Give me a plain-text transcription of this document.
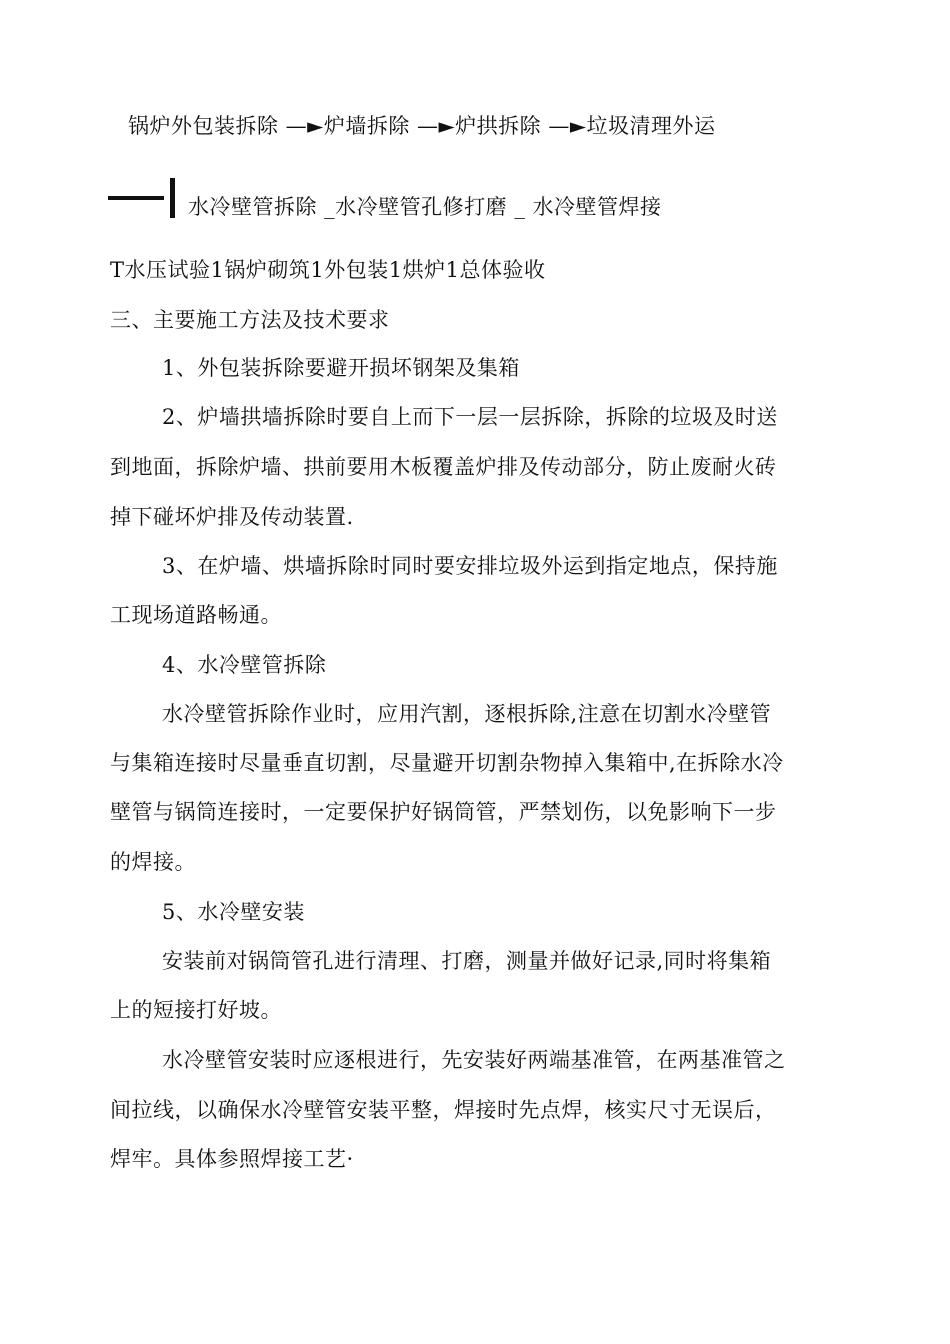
锅炉外包装拆除 —►炉墙拆除 —►炉拱拆除 —►垃圾清理外运
水冷壁管拆除 _水冷壁管孔修打磨 _ 水冷壁管焊接
T水压试验1锅炉砌筑1外包装1烘炉1总体验收
三、主要施工方法及技术要求
1、外包装拆除要避开损坏钢架及集箱
2、炉墙拱墙拆除时要自上而下一层一层拆除，拆除的垃圾及时送
到地面，拆除炉墙、拱前要用木板覆盖炉排及传动部分，防止废耐火砖
掉下碰坏炉排及传动装置.
3、在炉墙、烘墙拆除时同时要安排垃圾外运到指定地点，保持施
工现场道路畅通。
4、水冷壁管拆除
水冷壁管拆除作业时，应用汽割，逐根拆除,注意在切割水冷壁管
与集箱连接时尽量垂直切割，尽量避开切割杂物掉入集箱中,在拆除水冷
壁管与锅筒连接时，一定要保护好锅筒管，严禁划伤，以免影响下一步
的焊接。
5、水冷壁安装
安装前对锅筒管孔进行清理、打磨，测量并做好记录,同时将集箱
上的短接打好坡。
水冷壁管安装时应逐根进行，先安装好两端基准管，在两基准管之
间拉线，以确保水冷壁管安装平整，焊接时先点焊，核实尺寸无误后，
焊牢。具体参照焊接工艺·
